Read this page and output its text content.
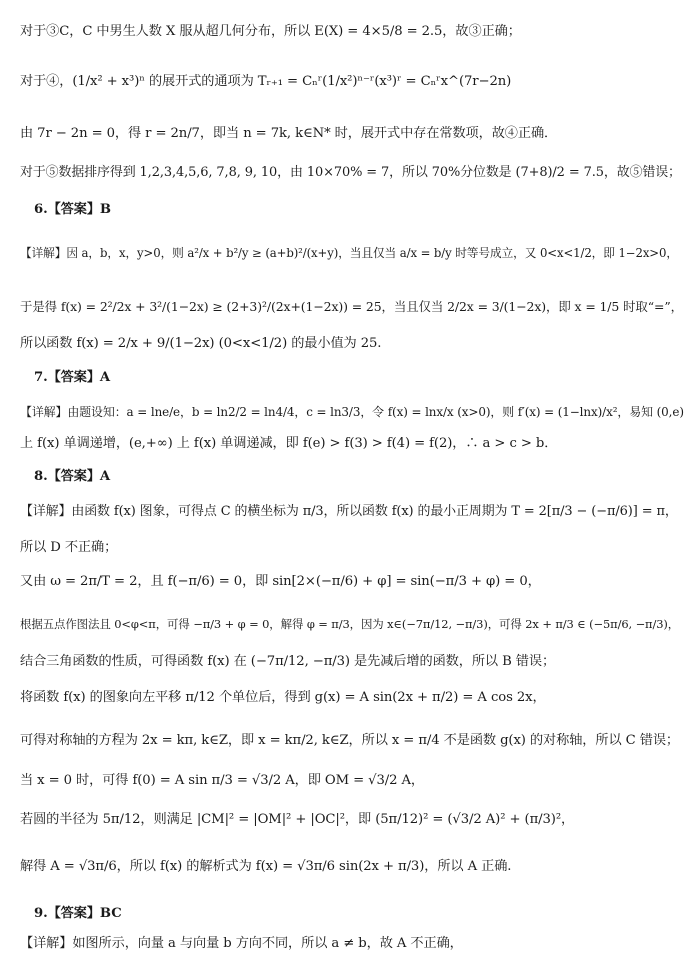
对于③C，C 中男生人数 X 服从超几何分布，所以 E(X) = 4×5/8 = 2.5，故③正确；
对于④，(1/x² + x³)ⁿ 的展开式的通项为 Tᵣ₊₁ = Cₙʳ(1/x²)ⁿ⁻ʳ(x³)ʳ = Cₙʳx^(7r−2n)
由 7r − 2n = 0，得 r = 2n/7，即当 n = 7k, k∈N* 时，展开式中存在常数项，故④正确．
对于⑤数据排序得到 1,2,3,4,5,6, 7,8, 9, 10，由 10×70% = 7，所以 70%分位数是 (7+8)/2 = 7.5，故⑤错误；
6.【答案】B
【详解】因 a，b，x，y>0，则 a²/x + b²/y ≥ (a+b)²/(x+y)，当且仅当 a/x = b/y 时等号成立，又 0<x<1/2，即 1−2x>0，
于是得 f(x) = 2²/2x + 3²/(1−2x) ≥ (2+3)²/(2x+(1−2x)) = 25，当且仅当 2/2x = 3/(1−2x)，即 x = 1/5 时取“=”，
所以函数 f(x) = 2/x + 9/(1−2x) (0<x<1/2) 的最小值为 25.
7.【答案】A
【详解】由题设知：a = lne/e，b = ln2/2 = ln4/4，c = ln3/3，令 f(x) = lnx/x (x>0)，则 f′(x) = (1−lnx)/x²，易知 (0,e)
上 f(x) 单调递增，(e,+∞) 上 f(x) 单调递减，即 f(e) > f(3) > f(4) = f(2)，∴ a > c > b．
8.【答案】A
【详解】由函数 f(x) 图象，可得点 C 的横坐标为 π/3，所以函数 f(x) 的最小正周期为 T = 2[π/3 − (−π/6)] = π，
所以 D 不正确；
又由 ω = 2π/T = 2，且 f(−π/6) = 0，即 sin[2×(−π/6) + φ] = sin(−π/3 + φ) = 0，
根据五点作图法且 0<φ<π，可得 −π/3 + φ = 0，解得 φ = π/3，因为 x∈(−7π/12, −π/3)，可得 2x + π/3 ∈ (−5π/6, −π/3)，
结合三角函数的性质，可得函数 f(x) 在 (−7π/12, −π/3) 是先减后增的函数，所以 B 错误；
将函数 f(x) 的图象向左平移 π/12 个单位后，得到 g(x) = A sin(2x + π/2) = A cos 2x，
可得对称轴的方程为 2x = kπ, k∈Z，即 x = kπ/2, k∈Z，所以 x = π/4 不是函数 g(x) 的对称轴，所以 C 错误；
当 x = 0 时，可得 f(0) = A sin π/3 = √3/2 A，即 OM = √3/2 A，
若圆的半径为 5π/12，则满足 |CM|² = |OM|² + |OC|²，即 (5π/12)² = (√3/2 A)² + (π/3)²，
解得 A = √3π/6，所以 f(x) 的解析式为 f(x) = √3π/6 sin(2x + π/3)，所以 A 正确.
9.【答案】BC
【详解】如图所示，向量 a 与向量 b 方向不同，所以 a ≠ b，故 A 不正确，
